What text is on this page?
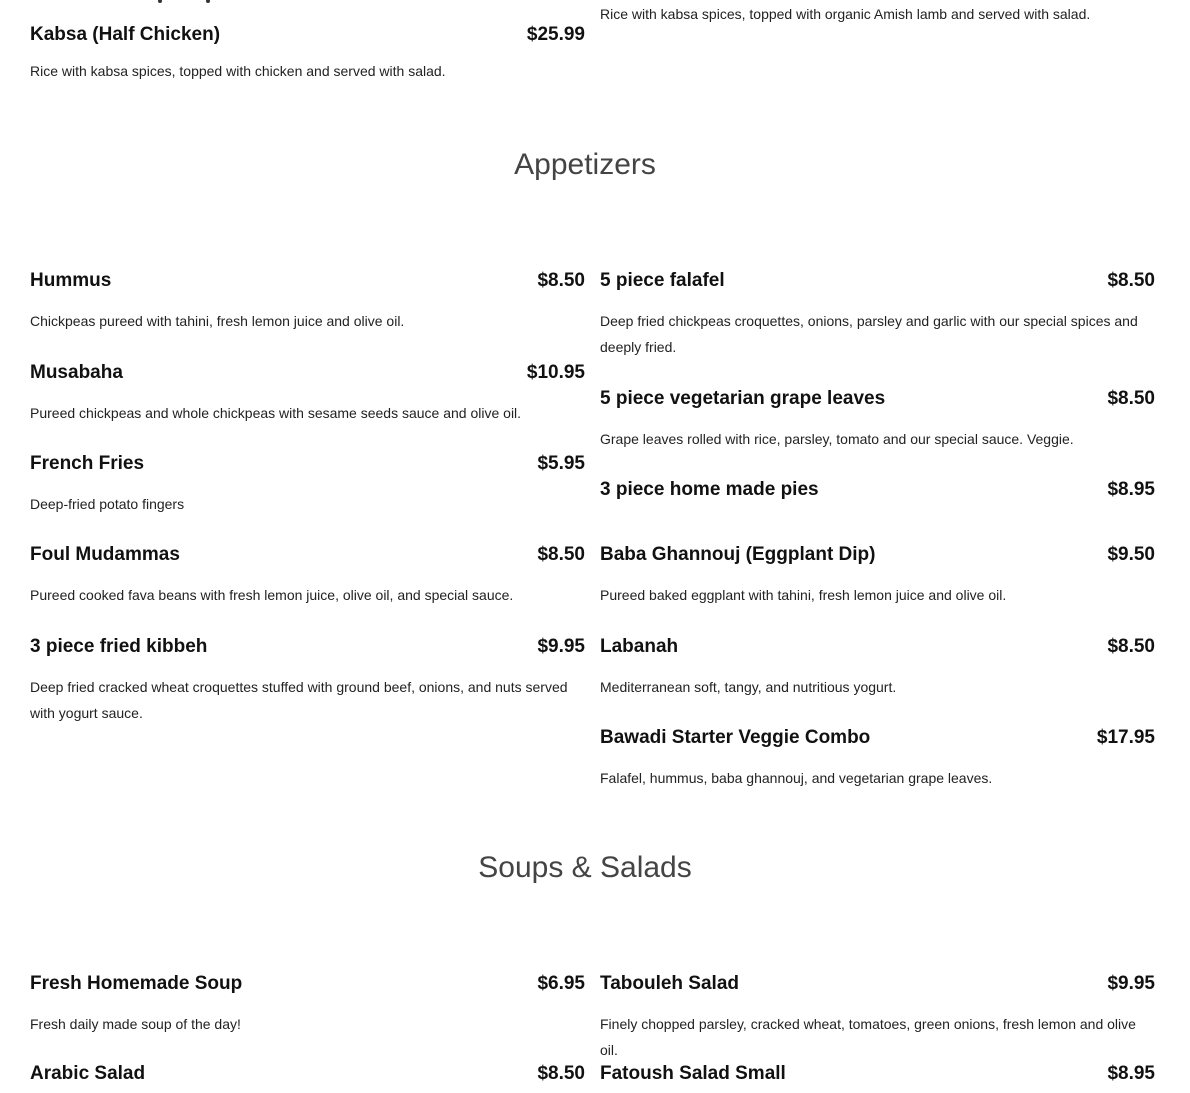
Kabsa (Half Chicken)	$25.99
Rice with kabsa spices, topped with chicken and served with salad.
Rice with kabsa spices, topped with organic Amish lamb and served with salad.
Appetizers
Hummus	$8.50
Chickpeas pureed with tahini, fresh lemon juice and olive oil.
Musabaha	$10.95
Pureed chickpeas and whole chickpeas with sesame seeds sauce and olive oil.
French Fries	$5.95
Deep-fried potato fingers
Foul Mudammas	$8.50
Pureed cooked fava beans with fresh lemon juice, olive oil, and special sauce.
3 piece fried kibbeh	$9.95
Deep fried cracked wheat croquettes stuffed with ground beef, onions, and nuts served with yogurt sauce.
5 piece falafel	$8.50
Deep fried chickpeas croquettes, onions, parsley and garlic with our special spices and deeply fried.
5 piece vegetarian grape leaves	$8.50
Grape leaves rolled with rice, parsley, tomato and our special sauce. Veggie.
3 piece home made pies	$8.95
Baba Ghannouj (Eggplant Dip)	$9.50
Pureed baked eggplant with tahini, fresh lemon juice and olive oil.
Labanah	$8.50
Mediterranean soft, tangy, and nutritious yogurt.
Bawadi Starter Veggie Combo	$17.95
Falafel, hummus, baba ghannouj, and vegetarian grape leaves.
Soups & Salads
Fresh Homemade Soup	$6.95
Fresh daily made soup of the day!
Arabic Salad	$8.50
Tabouleh Salad	$9.95
Finely chopped parsley, cracked wheat, tomatoes, green onions, fresh lemon and olive oil.
Fatoush Salad Small	$8.95
